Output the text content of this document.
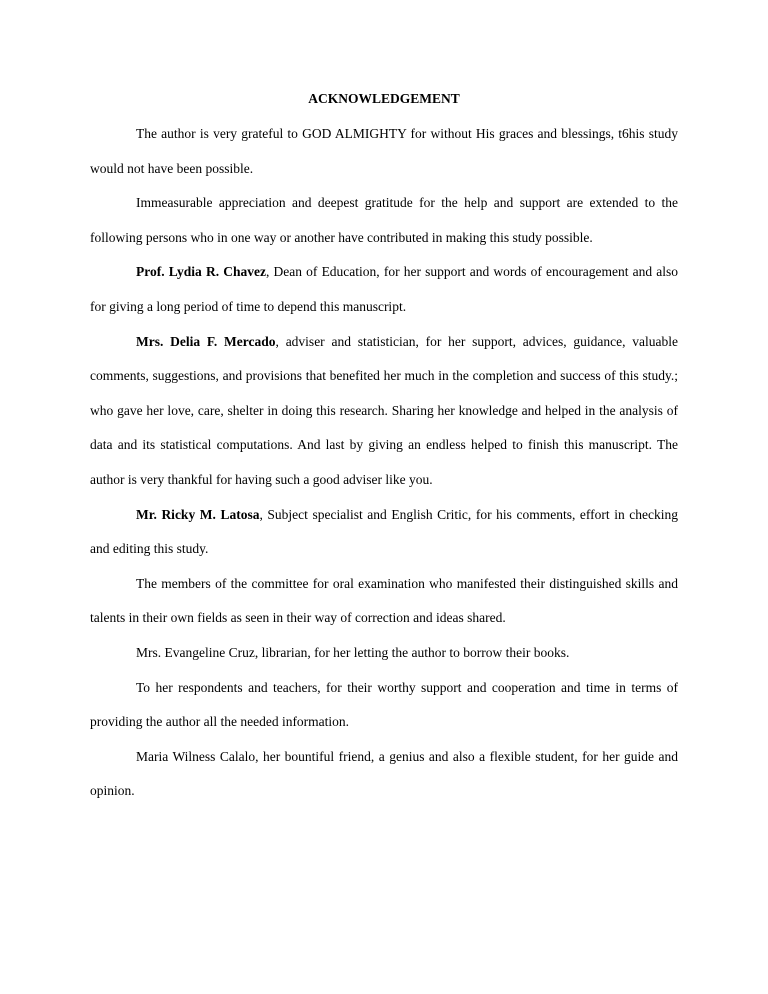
ACKNOWLEDGEMENT

The author is very grateful to GOD ALMIGHTY for without His graces and blessings, t6his study would not have been possible.

Immeasurable appreciation and deepest gratitude for the help and support are extended to the following persons who in one way or another have contributed in making this study possible.

Prof. Lydia R. Chavez, Dean of Education, for her support and words of encouragement and also for giving a long period of time to depend this manuscript.

Mrs. Delia F. Mercado, adviser and statistician, for her support, advices, guidance, valuable comments, suggestions, and provisions that benefited her much in the completion and success of this study.; who gave her love, care, shelter in doing this research. Sharing her knowledge and helped in the analysis of data and its statistical computations. And last by giving an endless helped to finish this manuscript. The author is very thankful for having such a good adviser like you.

Mr. Ricky M. Latosa, Subject specialist and English Critic, for his comments, effort in checking and editing this study.

The members of the committee for oral examination who manifested their distinguished skills and talents in their own fields as seen in their way of correction and ideas shared.

Mrs. Evangeline Cruz, librarian, for her letting the author to borrow their books.

To her respondents and teachers, for their worthy support and cooperation and time in terms of providing the author all the needed information.

Maria Wilness Calalo, her bountiful friend, a genius and also a flexible student, for her guide and opinion.
